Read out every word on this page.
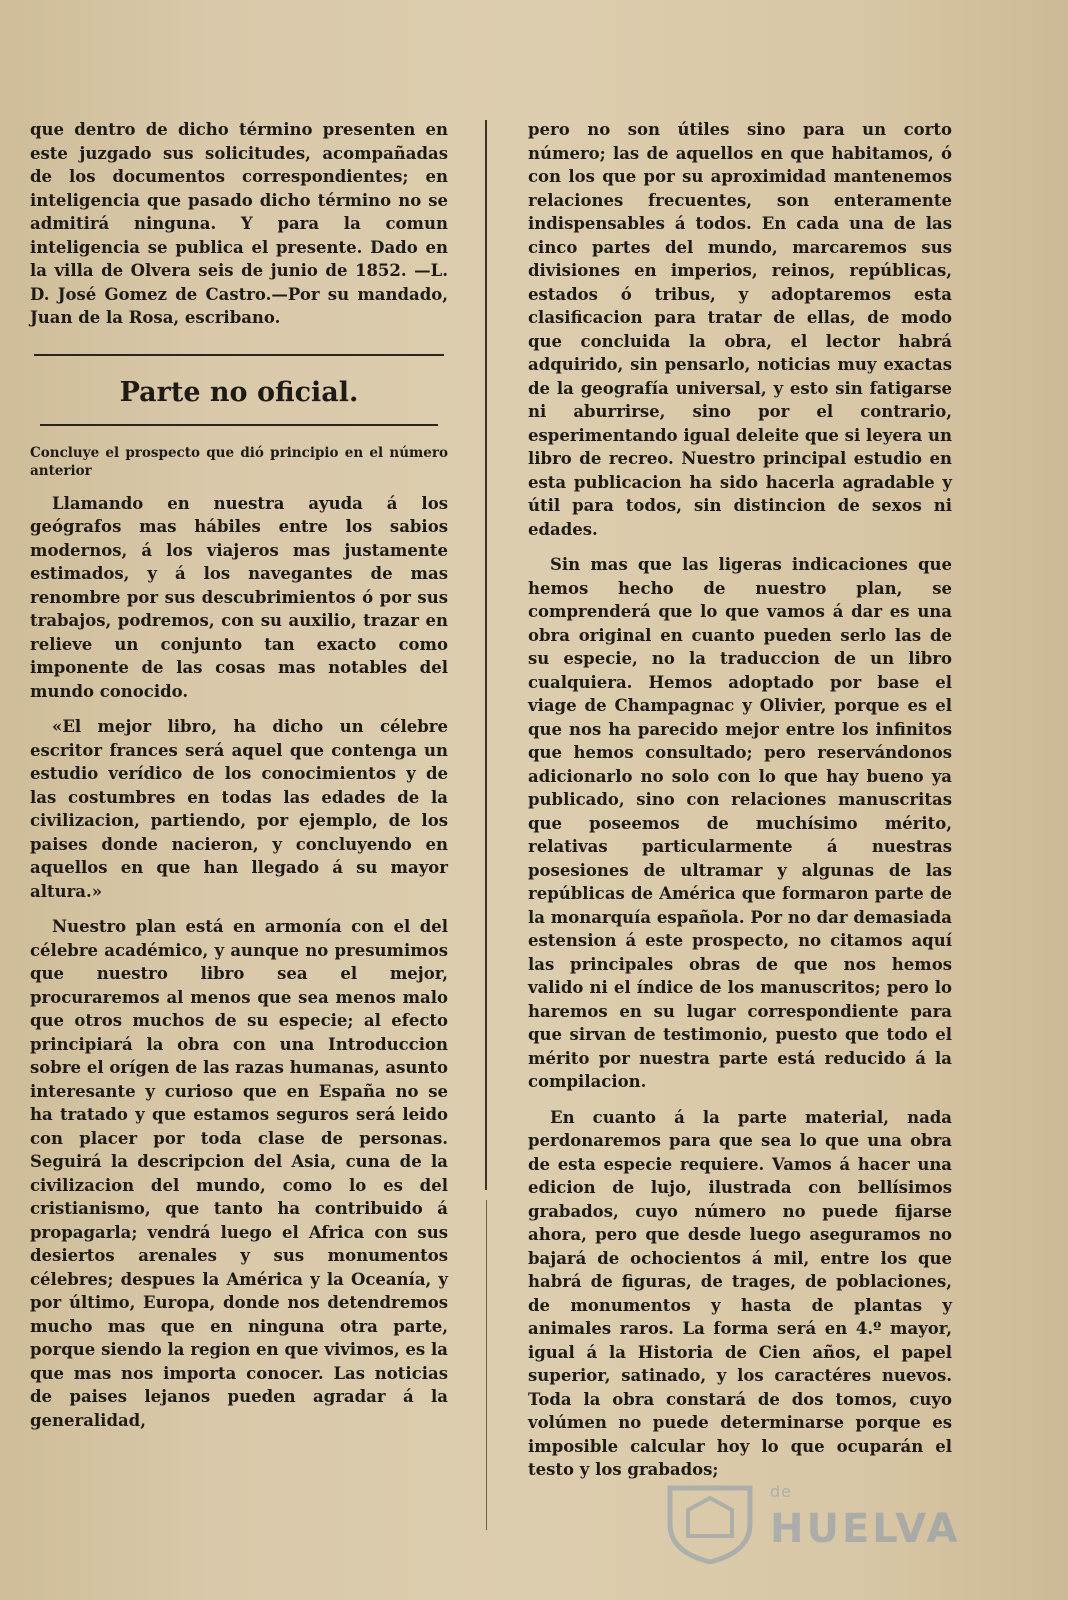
que dentro de dicho término presenten en este juzgado sus solicitudes, acompañadas de los documentos correspondientes; en inteligencia que pasado dicho término no se admitirá ninguna. Y para la comun inteligencia se publica el presente. Dado en la villa de Olvera seis de junio de 1852. —L. D. José Gomez de Castro.—Por su mandado, Juan de la Rosa, escribano.

Parte no oficial.

Concluye el prospecto que dió principio en el número anterior

Llamando en nuestra ayuda á los geógrafos mas hábiles entre los sabios modernos, á los viajeros mas justamente estimados, y á los navegantes de mas renombre por sus descubrimientos ó por sus trabajos, podremos, con su auxilio, trazar en relieve un conjunto tan exacto como imponente de las cosas mas notables del mundo conocido.

«El mejor libro, ha dicho un célebre escritor frances será aquel que contenga un estudio verídico de los conocimientos y de las costumbres en todas las edades de la civilizacion, partiendo, por ejemplo, de los paises donde nacieron, y concluyendo en aquellos en que han llegado á su mayor altura.»

Nuestro plan está en armonía con el del célebre académico, y aunque no presumimos que nuestro libro sea el mejor, procuraremos al menos que sea menos malo que otros muchos de su especie; al efecto principiará la obra con una Introduccion sobre el orígen de las razas humanas, asunto interesante y curioso que en España no se ha tratado y que estamos seguros será leido con placer por toda clase de personas. Seguirá la descripcion del Asia, cuna de la civilizacion del mundo, como lo es del cristianismo, que tanto ha contribuido á propagarla; vendrá luego el Africa con sus desiertos arenales y sus monumentos célebres; despues la América y la Oceanía, y por último, Europa, donde nos detendremos mucho mas que en ninguna otra parte, porque siendo la region en que vivimos, es la que mas nos importa conocer. Las noticias de paises lejanos pueden agradar á la generalidad,

pero no son útiles sino para un corto número; las de aquellos en que habitamos, ó con los que por su aproximidad mantenemos relaciones frecuentes, son enteramente indispensables á todos. En cada una de las cinco partes del mundo, marcaremos sus divisiones en imperios, reinos, repúblicas, estados ó tribus, y adoptaremos esta clasificacion para tratar de ellas, de modo que concluida la obra, el lector habrá adquirido, sin pensarlo, noticias muy exactas de la geografía universal, y esto sin fatigarse ni aburrirse, sino por el contrario, esperimentando igual deleite que si leyera un libro de recreo. Nuestro principal estudio en esta publicacion ha sido hacerla agradable y útil para todos, sin distincion de sexos ni edades.

Sin mas que las ligeras indicaciones que hemos hecho de nuestro plan, se comprenderá que lo que vamos á dar es una obra original en cuanto pueden serlo las de su especie, no la traduccion de un libro cualquiera. Hemos adoptado por base el viage de Champagnac y Olivier, porque es el que nos ha parecido mejor entre los infinitos que hemos consultado; pero reservándonos adicionarlo no solo con lo que hay bueno ya publicado, sino con relaciones manuscritas que poseemos de muchísimo mérito, relativas particularmente á nuestras posesiones de ultramar y algunas de las repúblicas de América que formaron parte de la monarquía española. Por no dar demasiada estension á este prospecto, no citamos aquí las principales obras de que nos hemos valido ni el índice de los manuscritos; pero lo haremos en su lugar correspondiente para que sirvan de testimonio, puesto que todo el mérito por nuestra parte está reducido á la compilacion.

En cuanto á la parte material, nada perdonaremos para que sea lo que una obra de esta especie requiere. Vamos á hacer una edicion de lujo, ilustrada con bellísimos grabados, cuyo número no puede fijarse ahora, pero que desde luego aseguramos no bajará de ochocientos á mil, entre los que habrá de figuras, de trages, de poblaciones, de monumentos y hasta de plantas y animales raros. La forma será en 4.º mayor, igual á la Historia de Cien años, el papel superior, satinado, y los caractéres nuevos. Toda la obra constará de dos tomos, cuyo volúmen no puede determinarse porque es imposible calcular hoy lo que ocuparán el testo y los grabados;

de
HUELVA
